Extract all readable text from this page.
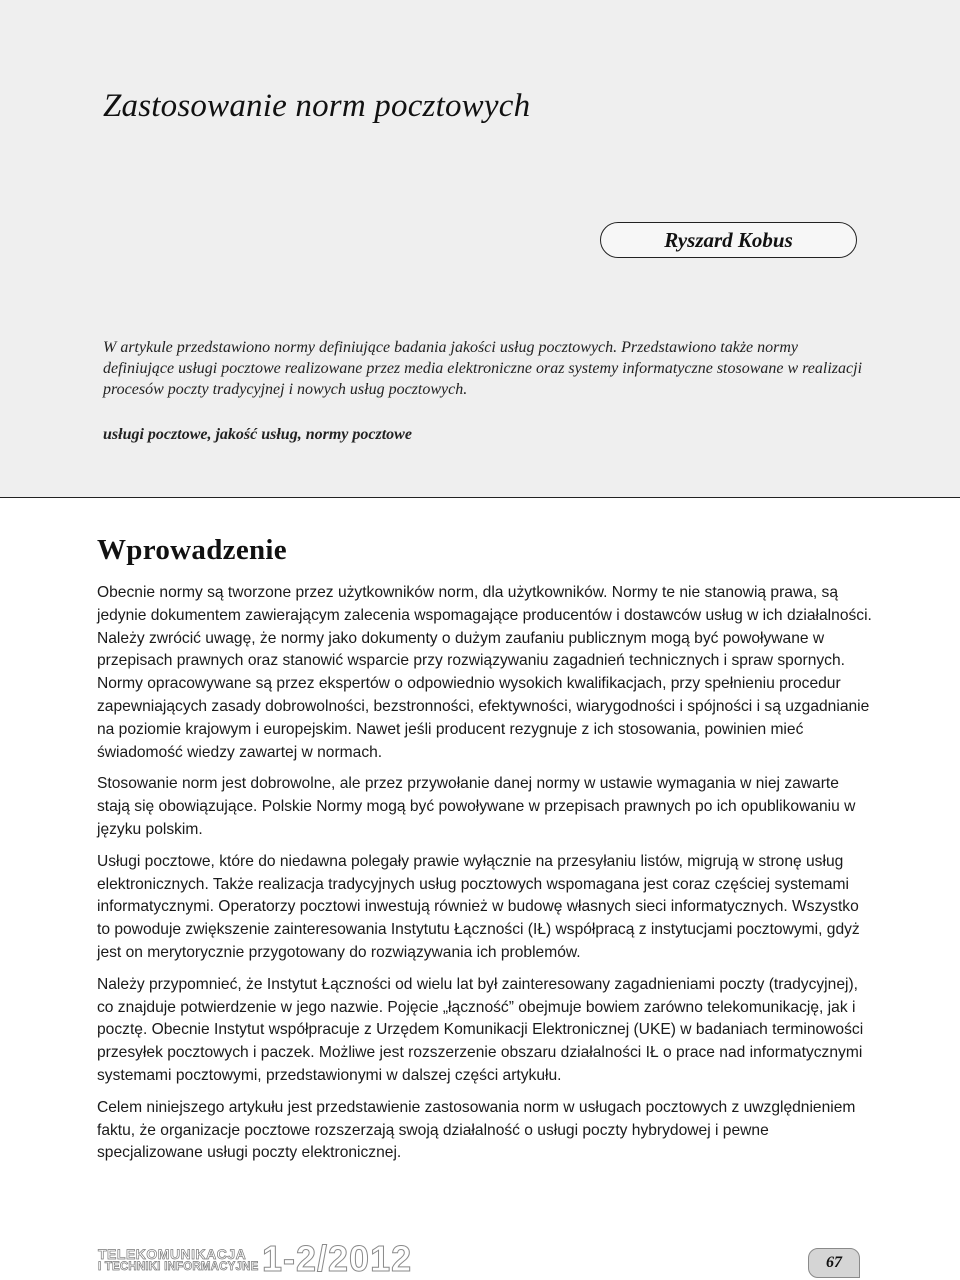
Zastosowanie norm pocztowych
Ryszard Kobus

W artykule przedstawiono normy definiujące badania jakości usług pocztowych. Przedstawiono także normy definiujące usługi pocztowe realizowane przez media elektroniczne oraz systemy informatyczne stosowane w realizacji procesów poczty tradycyjnej i nowych usług pocztowych.

usługi pocztowe, jakość usług, normy pocztowe

Wprowadzenie

Obecnie normy są tworzone przez użytkowników norm, dla użytkowników. Normy te nie stanowią prawa, są jedynie dokumentem zawierającym zalecenia wspomagające producentów i dostawców usług w ich działalności. Należy zwrócić uwagę, że normy jako dokumenty o dużym zaufaniu publicznym mogą być powoływane w przepisach prawnych oraz stanowić wsparcie przy rozwiązywaniu zagadnień technicznych i spraw spornych. Normy opracowywane są przez ekspertów o odpowiednio wysokich kwalifikacjach, przy spełnieniu procedur zapewniających zasady dobrowolności, bezstronności, efektywności, wiarygodności i spójności i są uzgadnianie na poziomie krajowym i europejskim. Nawet jeśli producent rezygnuje z ich stosowania, powinien mieć świadomość wiedzy zawartej w normach.

Stosowanie norm jest dobrowolne, ale przez przywołanie danej normy w ustawie wymagania w niej zawarte stają się obowiązujące. Polskie Normy mogą być powoływane w przepisach prawnych po ich opublikowaniu w języku polskim.

Usługi pocztowe, które do niedawna polegały prawie wyłącznie na przesyłaniu listów, migrują w stronę usług elektronicznych. Także realizacja tradycyjnych usług pocztowych wspomagana jest coraz częściej systemami informatycznymi. Operatorzy pocztowi inwestują również w budowę własnych sieci informatycznych. Wszystko to powoduje zwiększenie zainteresowania Instytutu Łączności (IŁ) współpracą z instytucjami pocztowymi, gdyż jest on merytorycznie przygotowany do rozwiązywania ich problemów.

Należy przypomnieć, że Instytut Łączności od wielu lat był zainteresowany zagadnieniami poczty (tradycyjnej), co znajduje potwierdzenie w jego nazwie. Pojęcie „łączność” obejmuje bowiem zarówno telekomunikację, jak i pocztę. Obecnie Instytut współpracuje z Urzędem Komunikacji Elektronicznej (UKE) w badaniach terminowości przesyłek pocztowych i paczek. Możliwe jest rozszerzenie obszaru działalności IŁ o prace nad informatycznymi systemami pocztowymi, przedstawionymi w dalszej części artykułu.

Celem niniejszego artykułu jest przedstawienie zastosowania norm w usługach pocztowych z uwzględnieniem faktu, że organizacje pocztowe rozszerzają swoją działalność o usługi poczty hybrydowej i pewne specjalizowane usługi poczty elektronicznej.

TELEKOMUNIKACJA
I TECHNIKI INFORMACYJNE 1-2/2012	67
